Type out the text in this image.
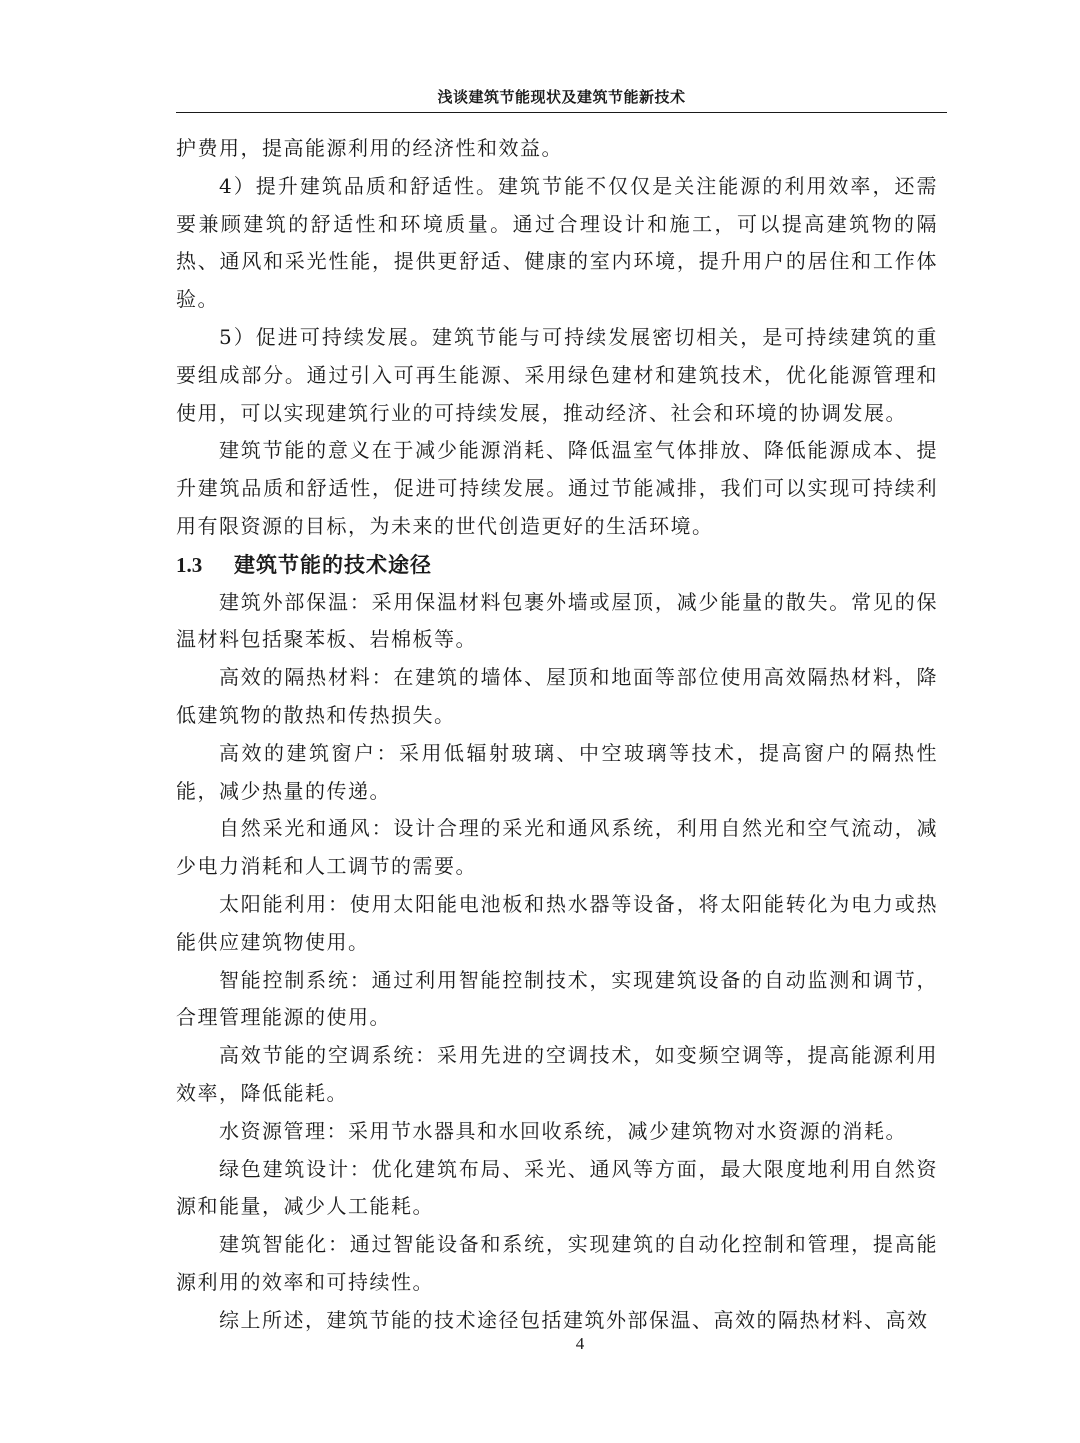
浅谈建筑节能现状及建筑节能新技术

护费用，提高能源利用的经济性和效益。

4）提升建筑品质和舒适性。建筑节能不仅仅是关注能源的利用效率，还需要兼顾建筑的舒适性和环境质量。通过合理设计和施工，可以提高建筑物的隔热、通风和采光性能，提供更舒适、健康的室内环境，提升用户的居住和工作体验。

5）促进可持续发展。建筑节能与可持续发展密切相关，是可持续建筑的重要组成部分。通过引入可再生能源、采用绿色建材和建筑技术，优化能源管理和使用，可以实现建筑行业的可持续发展，推动经济、社会和环境的协调发展。

建筑节能的意义在于减少能源消耗、降低温室气体排放、降低能源成本、提升建筑品质和舒适性，促进可持续发展。通过节能减排，我们可以实现可持续利用有限资源的目标，为未来的世代创造更好的生活环境。

1.3 建筑节能的技术途径

建筑外部保温：采用保温材料包裹外墙或屋顶，减少能量的散失。常见的保温材料包括聚苯板、岩棉板等。

高效的隔热材料：在建筑的墙体、屋顶和地面等部位使用高效隔热材料，降低建筑物的散热和传热损失。

高效的建筑窗户：采用低辐射玻璃、中空玻璃等技术，提高窗户的隔热性能，减少热量的传递。

自然采光和通风：设计合理的采光和通风系统，利用自然光和空气流动，减少电力消耗和人工调节的需要。

太阳能利用：使用太阳能电池板和热水器等设备，将太阳能转化为电力或热能供应建筑物使用。

智能控制系统：通过利用智能控制技术，实现建筑设备的自动监测和调节，合理管理能源的使用。

高效节能的空调系统：采用先进的空调技术，如变频空调等，提高能源利用效率，降低能耗。

水资源管理：采用节水器具和水回收系统，减少建筑物对水资源的消耗。

绿色建筑设计：优化建筑布局、采光、通风等方面，最大限度地利用自然资源和能量，减少人工能耗。

建筑智能化：通过智能设备和系统，实现建筑的自动化控制和管理，提高能源利用的效率和可持续性。

综上所述，建筑节能的技术途径包括建筑外部保温、高效的隔热材料、高效

4
